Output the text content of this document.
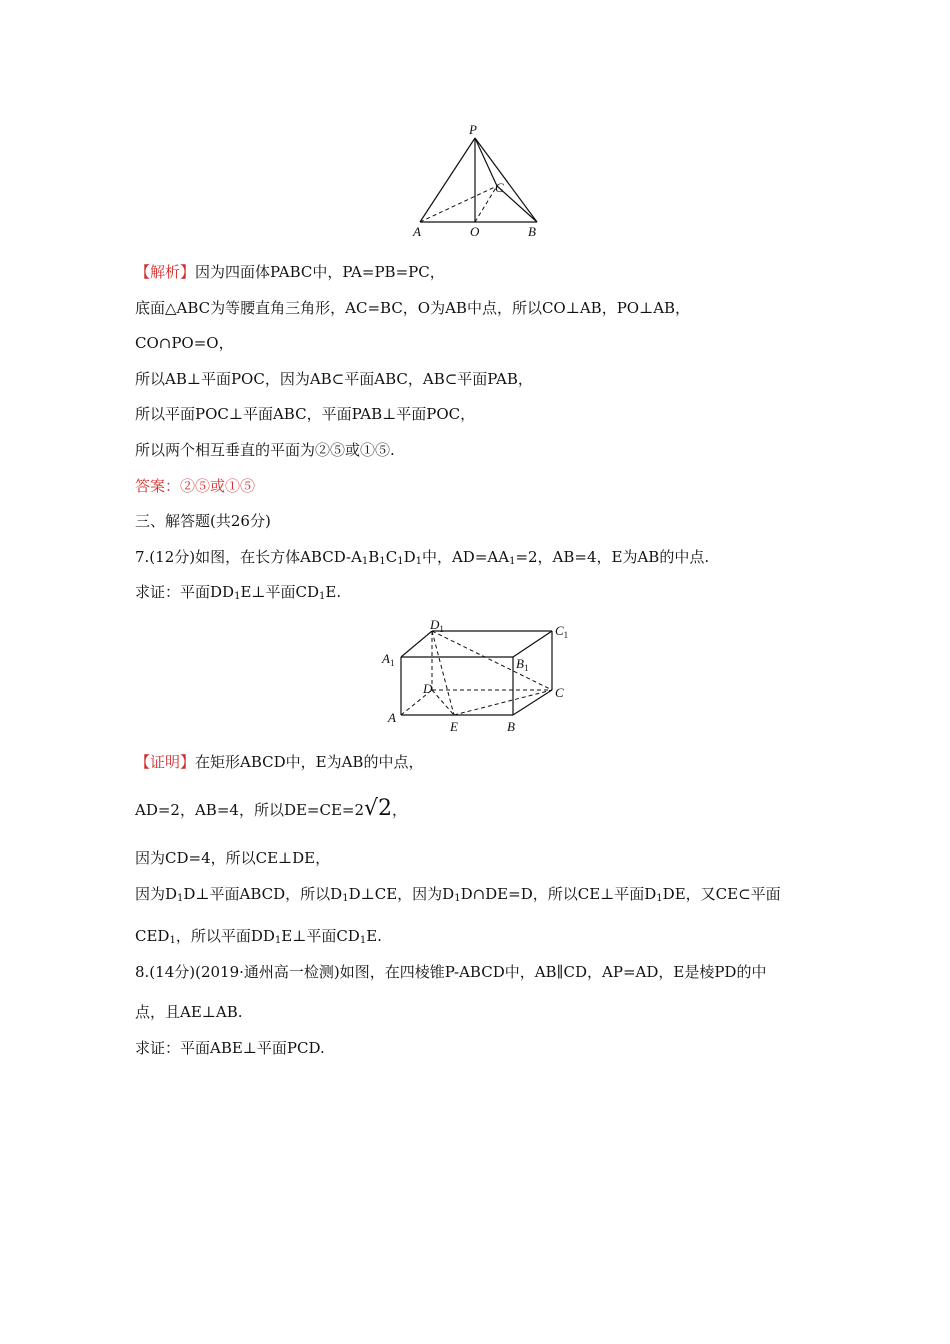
P
C
A	O	B
【解析】因为四面体PABC中，PA=PB=PC，
底面△ABC为等腰直角三角形，AC=BC，O为AB中点，所以CO⊥AB，PO⊥AB，
CO∩PO=O，
所以AB⊥平面POC，因为AB⊂平面ABC，AB⊂平面PAB，
所以平面POC⊥平面ABC，平面PAB⊥平面POC，
所以两个相互垂直的平面为②⑤或①⑤.
答案：②⑤或①⑤
三、解答题(共26分)
7.(12分)如图，在长方体ABCD-$A_1B_1C_1D_1$中，$AD=AA_1=2$，AB=4，E为AB的中点.
求证：平面$DD_1E\perp$平面$CD_1E$.
$D_1$	$C_1$
$A_1$	$B_1$
D	C
A
E	B
【证明】在矩形ABCD中，E为AB的中点，
AD=2，AB=4，所以DE=CE=2√2，
因为CD=4，所以CE⊥DE，
因为$D_1D\perp$平面ABCD，所以$D_1D\perp CE$，因为$D_1D\cap DE=D$，所以CE⊥平面$D_1DE$，又CE⊂平面
$CED_1$，所以平面$DD_1E\perp$平面$CD_1E$.
8.(14分)(2019·通州高一检测)如图，在四棱锥P-ABCD中，AB∥CD，AP=AD，E是棱PD的中
点，且AE⊥AB.
求证：平面ABE⊥平面PCD.
